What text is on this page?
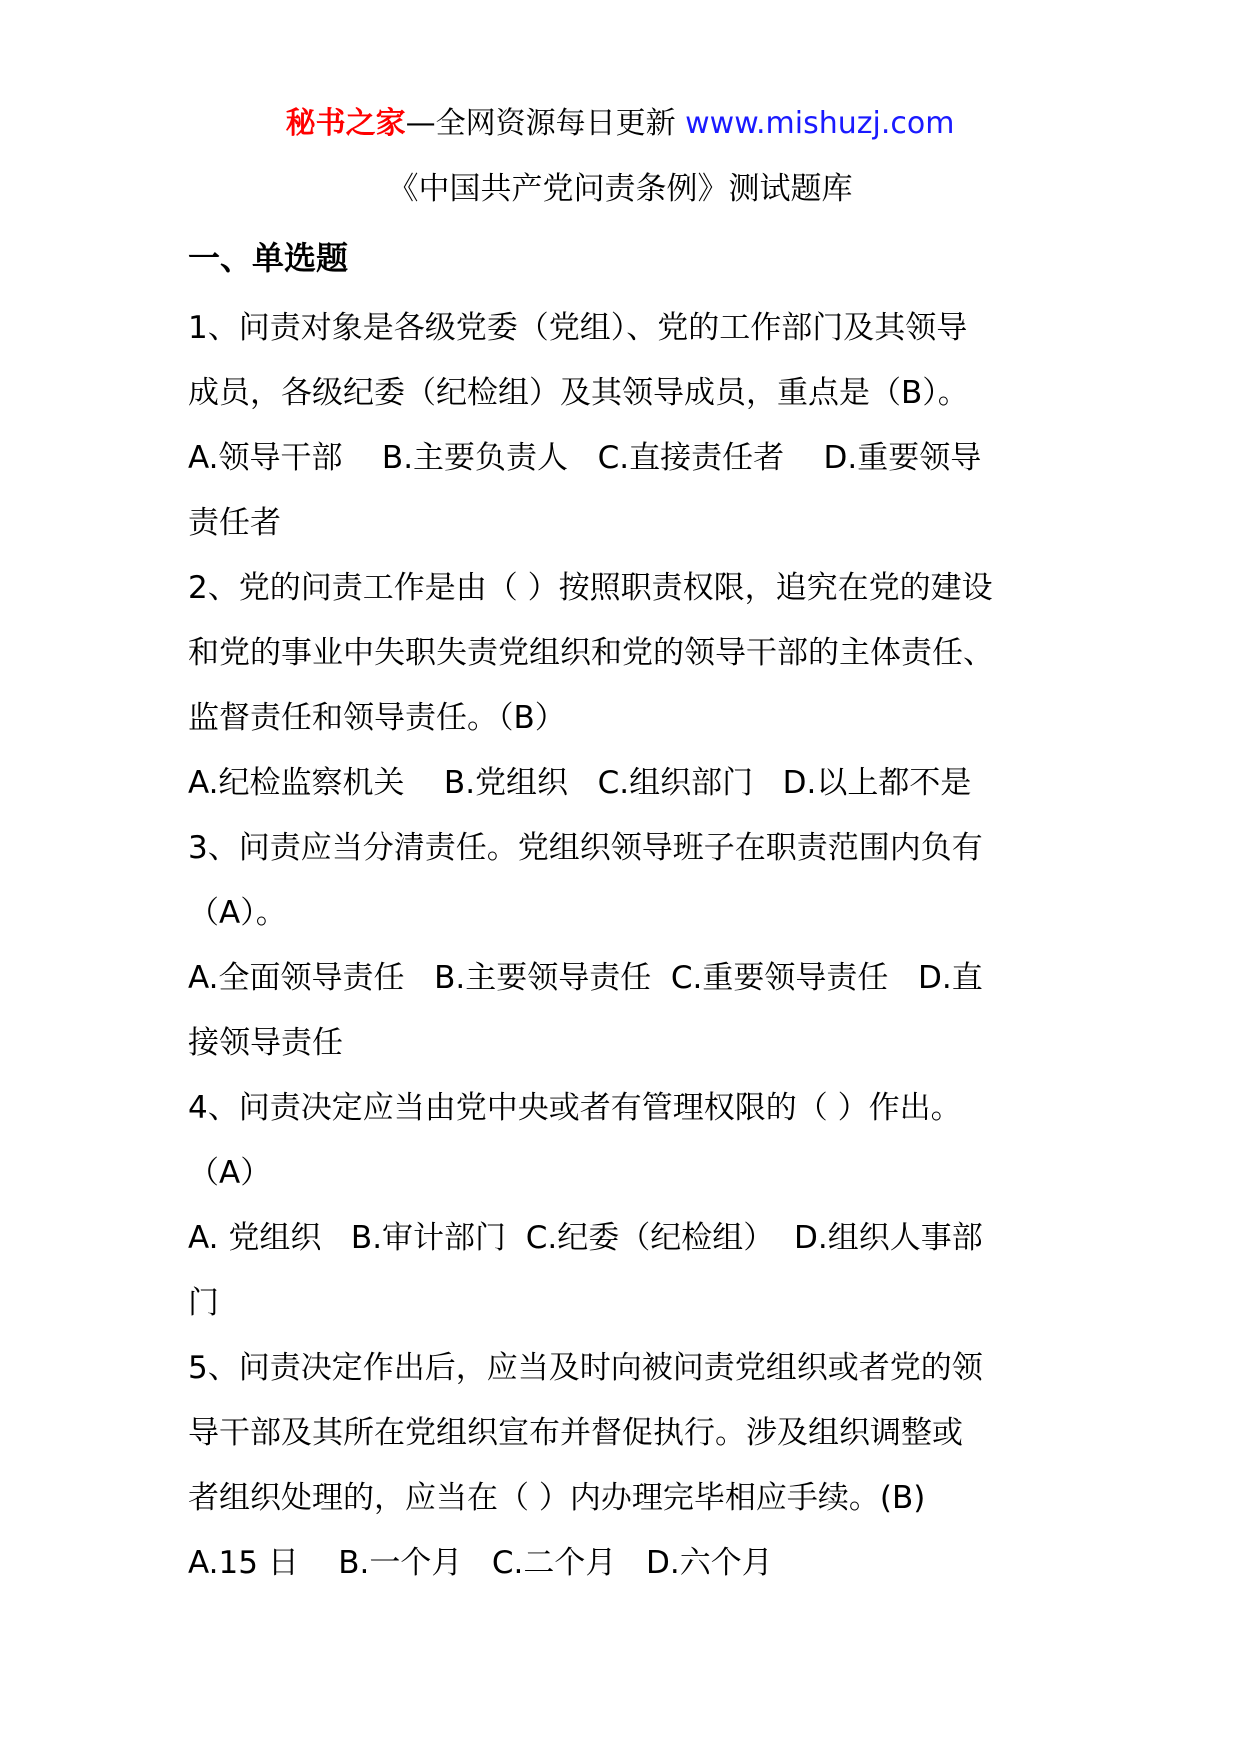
秘书之家—全网资源每日更新 www.mishuzj.com
《中国共产党问责条例》测试题库
一、单选题
1、问责对象是各级党委（党组）、党的工作部门及其领导
成员，各级纪委（纪检组）及其领导成员，重点是（B）。
A.领导干部    B.主要负责人   C.直接责任者    D.重要领导
责任者
2、党的问责工作是由（ ）按照职责权限，追究在党的建设
和党的事业中失职失责党组织和党的领导干部的主体责任、
监督责任和领导责任。（B）
A.纪检监察机关    B.党组织   C.组织部门   D.以上都不是
3、问责应当分清责任。党组织领导班子在职责范围内负有
（A）。
A.全面领导责任   B.主要领导责任  C.重要领导责任   D.直
接领导责任
4、问责决定应当由党中央或者有管理权限的（ ）作出。
（A）
A. 党组织   B.审计部门  C.纪委（纪检组）  D.组织人事部
门
5、问责决定作出后，应当及时向被问责党组织或者党的领
导干部及其所在党组织宣布并督促执行。涉及组织调整或
者组织处理的，应当在（ ）内办理完毕相应手续。(B)
A.15 日    B.一个月   C.二个月   D.六个月
